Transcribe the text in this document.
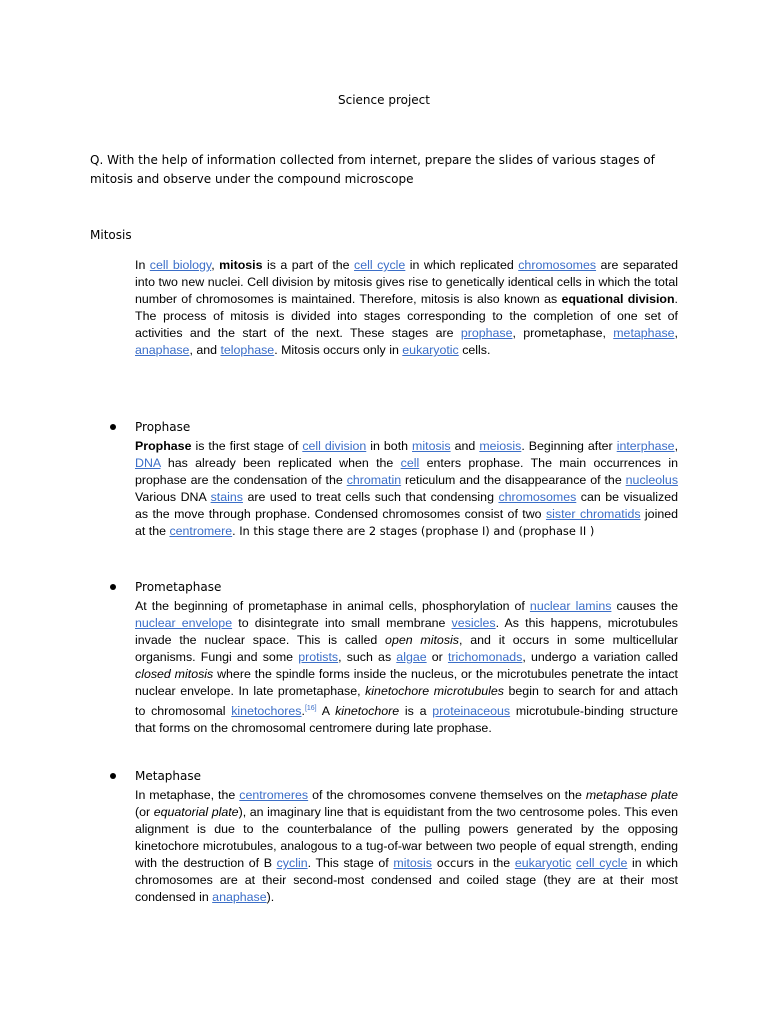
Science project
Q. With the help of information collected from internet, prepare the slides of various stages of mitosis and observe under the compound microscope
Mitosis

In cell biology, mitosis is a part of the cell cycle in which replicated chromosomes are separated into two new nuclei. Cell division by mitosis gives rise to genetically identical cells in which the total number of chromosomes is maintained. Therefore, mitosis is also known as equational division. The process of mitosis is divided into stages corresponding to the completion of one set of activities and the start of the next. These stages are prophase, prometaphase, metaphase, anaphase, and telophase. Mitosis occurs only in eukaryotic cells.

Prophase

Prophase is the first stage of cell division in both mitosis and meiosis. Beginning after interphase, DNA has already been replicated when the cell enters prophase. The main occurrences in prophase are the condensation of the chromatin reticulum and the disappearance of the nucleolus Various DNA stains are used to treat cells such that condensing chromosomes can be visualized as the move through prophase. Condensed chromosomes consist of two sister chromatids joined at the centromere. In this stage there are 2 stages (prophase I) and (prophase II )

Prometaphase

At the beginning of prometaphase in animal cells, phosphorylation of nuclear lamins causes the nuclear envelope to disintegrate into small membrane vesicles. As this happens, microtubules invade the nuclear space. This is called open mitosis, and it occurs in some multicellular organisms. Fungi and some protists, such as algae or trichomonads, undergo a variation called closed mitosis where the spindle forms inside the nucleus, or the microtubules penetrate the intact nuclear envelope. In late prometaphase, kinetochore microtubules begin to search for and attach to chromosomal kinetochores.[16] A kinetochore is a proteinaceous microtubule-binding structure that forms on the chromosomal centromere during late prophase.

Metaphase

In metaphase, the centromeres of the chromosomes convene themselves on the metaphase plate (or equatorial plate), an imaginary line that is equidistant from the two centrosome poles. This even alignment is due to the counterbalance of the pulling powers generated by the opposing kinetochore microtubules, analogous to a tug-of-war between two people of equal strength, ending with the destruction of B cyclin. This stage of mitosis occurs in the eukaryotic cell cycle in which chromosomes are at their second-most condensed and coiled stage (they are at their most condensed in anaphase).
